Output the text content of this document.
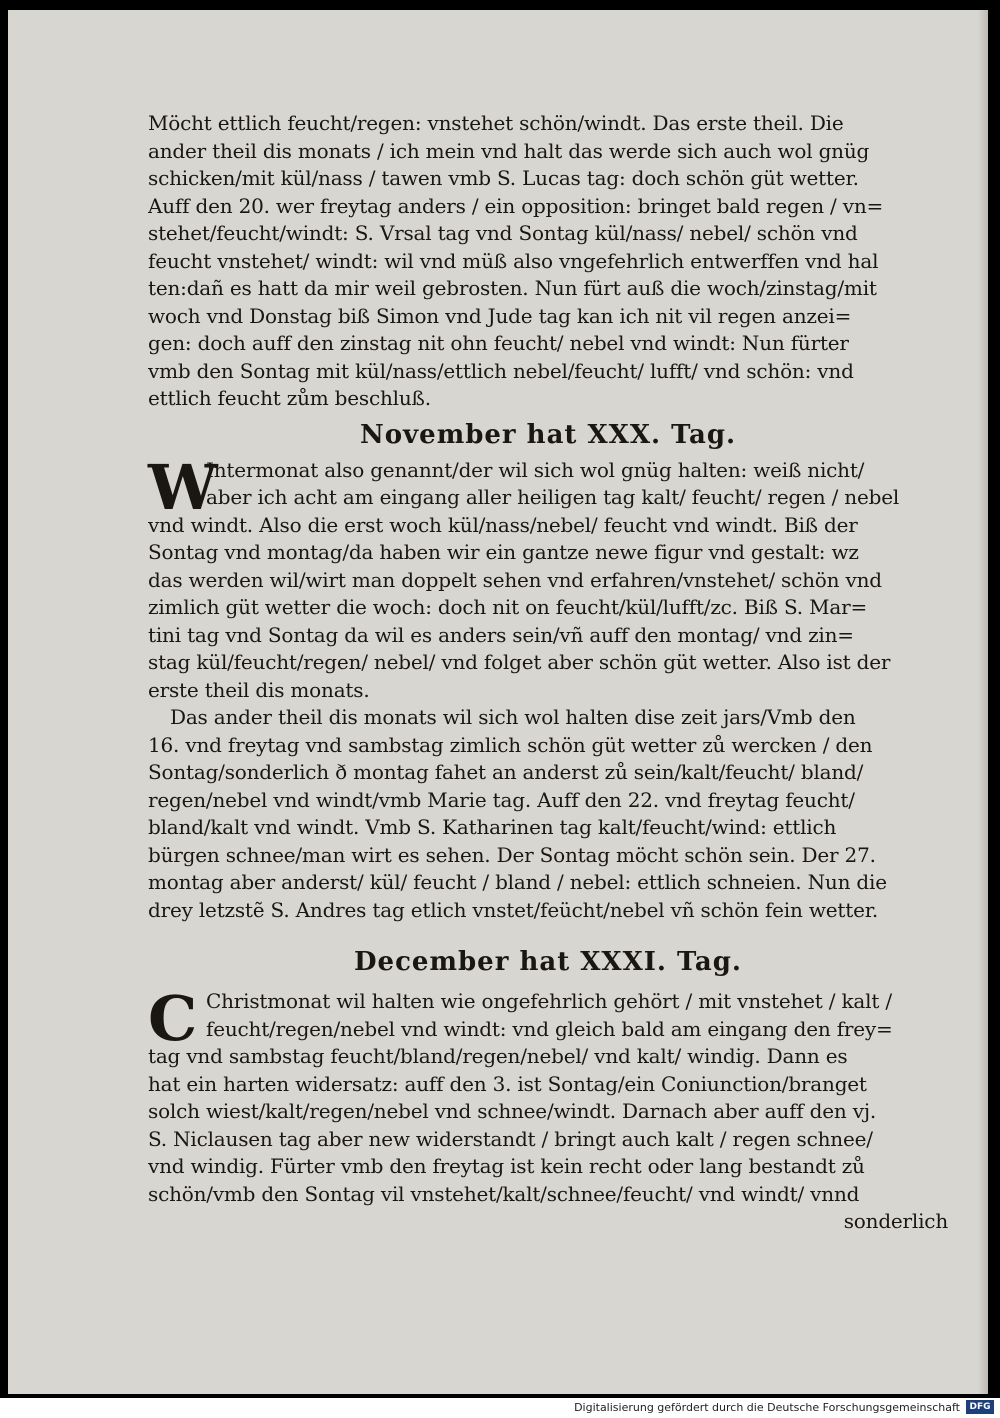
Möcht ettlich feucht/regen: vnstehet schön/windt. Das erste theil. Die
ander theil dis monats / ich mein vnd halt das werde sich auch wol gnüg
schicken/mit kül/nass / tawen vmb S. Lucas tag: doch schön güt wetter.
Auff den 20. wer freytag anders / ein opposition: bringet bald regen / vn=
stehet/feucht/windt: S. Vrsal tag vnd Sontag kül/nass/ nebel/ schön vnd
feucht vnstehet/ windt: wil vnd müß also vngefehrlich entwerffen vnd hal
ten:dañ es hatt da mir weil gebrosten. Nun fürt auß die woch/zinstag/mit
woch vnd Donstag biß Simon vnd Jude tag kan ich nit vil regen anzei=
gen: doch auff den zinstag nit ohn feucht/ nebel vnd windt: Nun fürter
vmb den Sontag mit kül/nass/ettlich nebel/feucht/ lufft/ vnd schön: vnd
ettlich feucht zům beschluß.
November hat XXX. Tag.
W
Intermonat also genannt/der wil sich wol gnüg halten: weiß nicht/
aber ich acht am eingang aller heiligen tag kalt/ feucht/ regen / nebel
vnd windt. Also die erst woch kül/nass/nebel/ feucht vnd windt. Biß der
Sontag vnd montag/da haben wir ein gantze newe figur vnd gestalt: wz
das werden wil/wirt man doppelt sehen vnd erfahren/vnstehet/ schön vnd
zimlich güt wetter die woch: doch nit on feucht/kül/lufft/zc. Biß S. Mar=
tini tag vnd Sontag da wil es anders sein/vñ auff den montag/ vnd zin=
stag kül/feucht/regen/ nebel/ vnd folget aber schön güt wetter. Also ist der
erste theil dis monats.
Das ander theil dis monats wil sich wol halten dise zeit jars/Vmb den
16. vnd freytag vnd sambstag zimlich schön güt wetter zů wercken / den
Sontag/sonderlich ð montag fahet an anderst zů sein/kalt/feucht/ bland/
regen/nebel vnd windt/vmb Marie tag. Auff den 22. vnd freytag feucht/
bland/kalt vnd windt. Vmb S. Katharinen tag kalt/feucht/wind: ettlich
bürgen schnee/man wirt es sehen. Der Sontag möcht schön sein. Der 27.
montag aber anderst/ kül/ feucht / bland / nebel: ettlich schneien. Nun die
drey letzstẽ S. Andres tag etlich vnstet/feücht/nebel vñ schön fein wetter.
December hat XXXI. Tag.
C Christmonat wil halten wie ongefehrlich gehört / mit vnstehet / kalt /
feucht/regen/nebel vnd windt: vnd gleich bald am eingang den frey=
tag vnd sambstag feucht/bland/regen/nebel/ vnd kalt/ windig. Dann es
hat ein harten widersatz: auff den 3. ist Sontag/ein Coniunction/branget
solch wiest/kalt/regen/nebel vnd schnee/windt. Darnach aber auff den vj.
S. Niclausen tag aber new widerstandt / bringt auch kalt / regen schnee/
vnd windig. Fürter vmb den freytag ist kein recht oder lang bestandt zů
schön/vmb den Sontag vil vnstehet/kalt/schnee/feucht/ vnd windt/ vnnd
sonderlich
Digitalisierung gefördert durch die Deutsche Forschungsgemeinschaft	DFG
